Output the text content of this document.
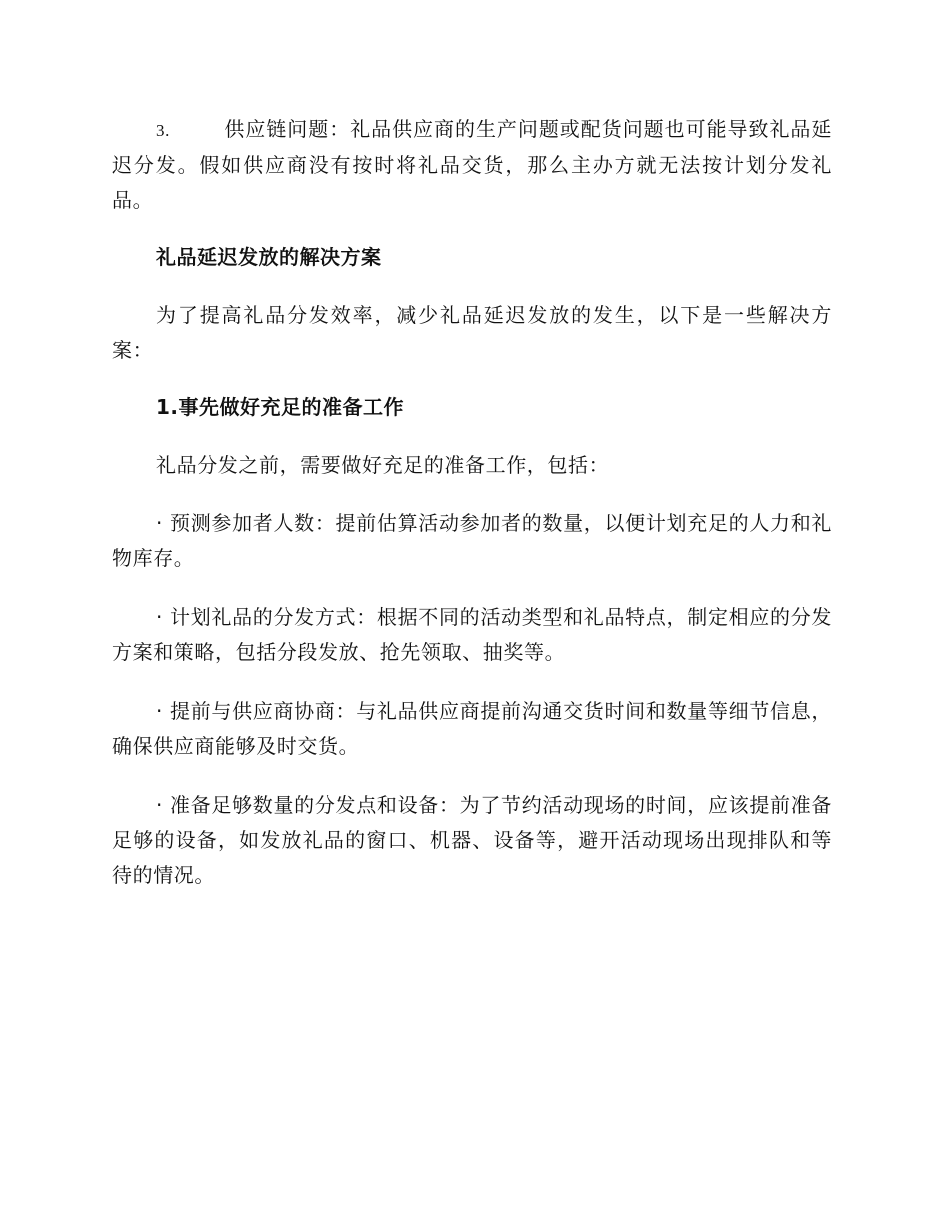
3.	供应链问题：礼品供应商的生产问题或配货问题也可能导致礼品延迟分发。假如供应商没有按时将礼品交货，那么主办方就无法按计划分发礼品。

礼品延迟发放的解决方案

为了提高礼品分发效率，减少礼品延迟发放的发生，以下是一些解决方案：

1.事先做好充足的准备工作

礼品分发之前，需要做好充足的准备工作，包括：

· 预测参加者人数：提前估算活动参加者的数量，以便计划充足的人力和礼物库存。

· 计划礼品的分发方式：根据不同的活动类型和礼品特点，制定相应的分发方案和策略，包括分段发放、抢先领取、抽奖等。

· 提前与供应商协商：与礼品供应商提前沟通交货时间和数量等细节信息，确保供应商能够及时交货。

· 准备足够数量的分发点和设备：为了节约活动现场的时间，应该提前准备足够的设备，如发放礼品的窗口、机器、设备等，避开活动现场出现排队和等待的情况。
